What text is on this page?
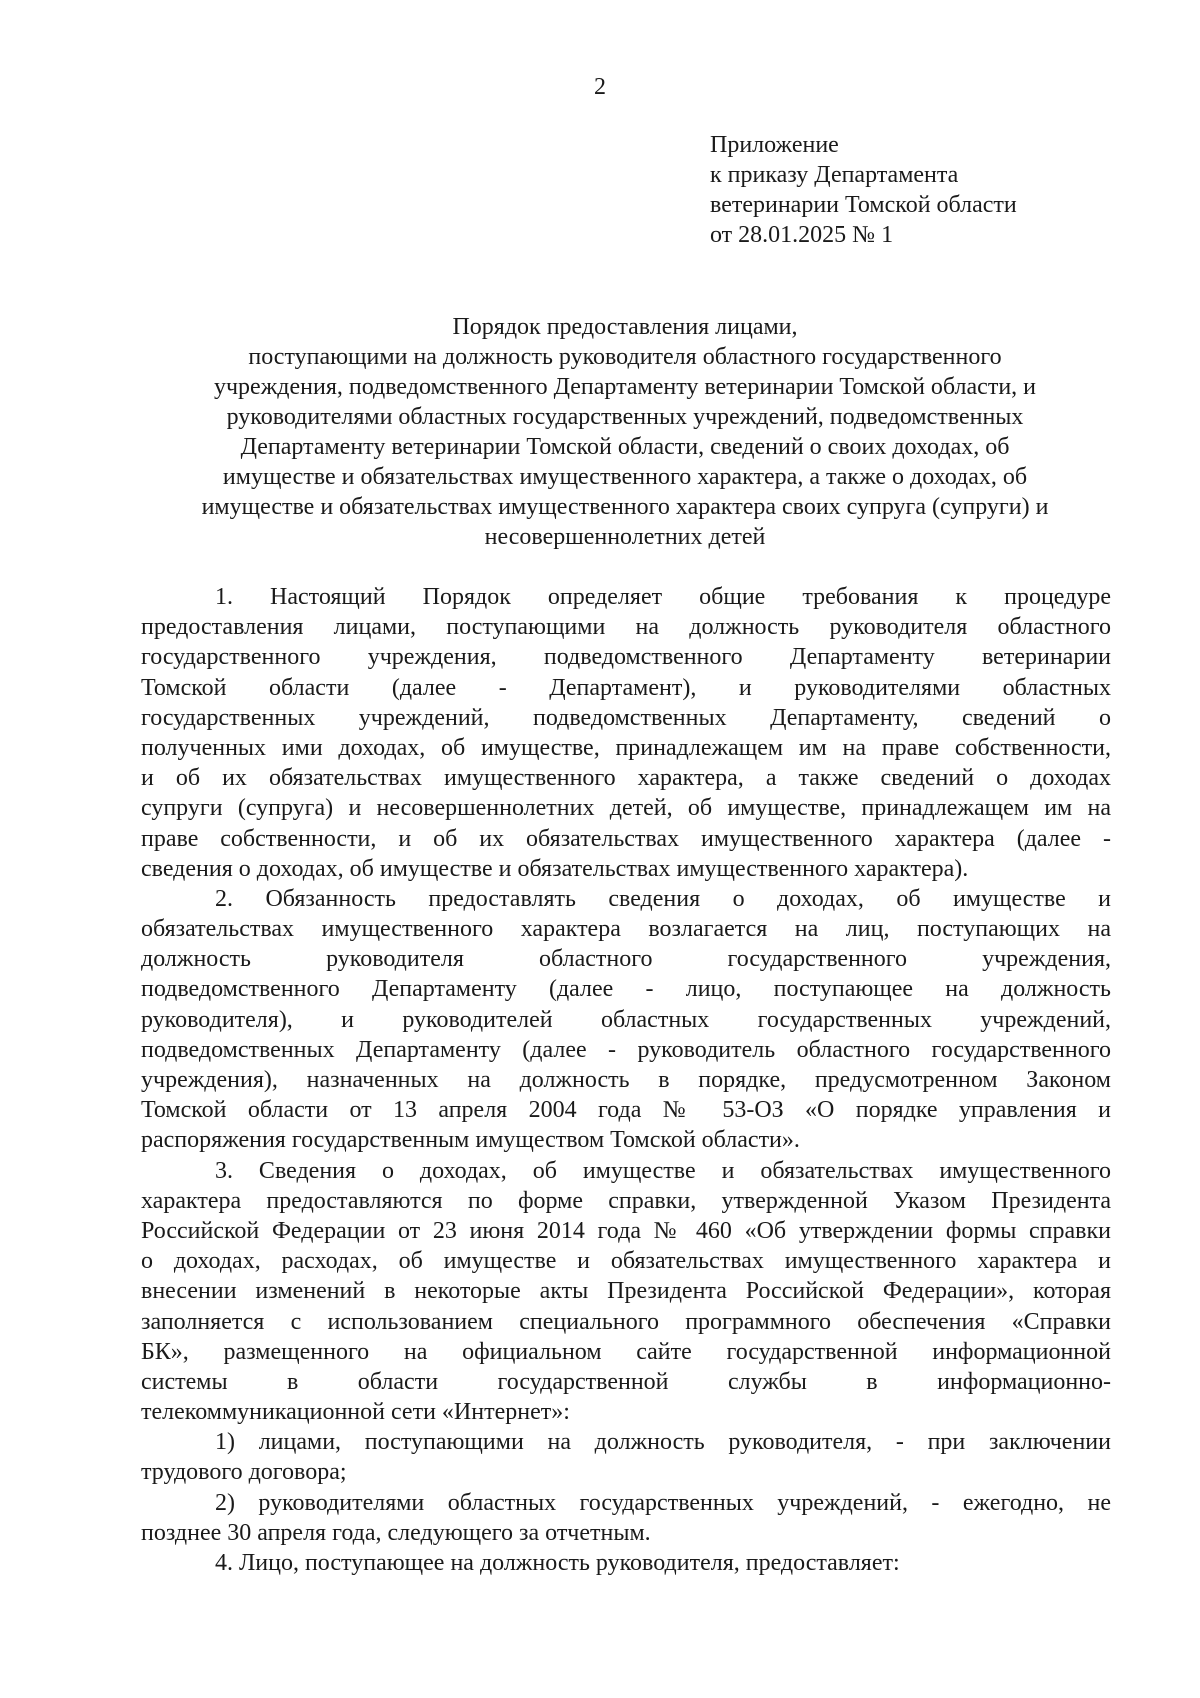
2
Приложение
к приказу Департамента
ветеринарии Томской области
от 28.01.2025 № 1
Порядок предоставления лицами,
поступающими на должность руководителя областного государственного
учреждения, подведомственного Департаменту ветеринарии Томской области, и
руководителями областных государственных учреждений, подведомственных
Департаменту ветеринарии Томской области, сведений о своих доходах, об
имуществе и обязательствах имущественного характера, а также о доходах, об
имуществе и обязательствах имущественного характера своих супруга (супруги) и
несовершеннолетних детей
1. Настоящий Порядок определяет общие требования к процедуре
предоставления лицами, поступающими на должность руководителя областного
государственного учреждения, подведомственного Департаменту ветеринарии
Томской области (далее - Департамент), и руководителями областных
государственных учреждений, подведомственных Департаменту, сведений о
полученных ими доходах, об имуществе, принадлежащем им на праве собственности,
и об их обязательствах имущественного характера, а также сведений о доходах
супруги (супруга) и несовершеннолетних детей, об имуществе, принадлежащем им на
праве собственности, и об их обязательствах имущественного характера (далее -
сведения о доходах, об имуществе и обязательствах имущественного характера).
2. Обязанность предоставлять сведения о доходах, об имуществе и
обязательствах имущественного характера возлагается на лиц, поступающих на
должность руководителя областного государственного учреждения,
подведомственного Департаменту (далее - лицо, поступающее на должность
руководителя), и руководителей областных государственных учреждений,
подведомственных Департаменту (далее - руководитель областного государственного
учреждения), назначенных на должность в порядке, предусмотренном Законом
Томской области от 13 апреля 2004 года № 53-ОЗ «О порядке управления и
распоряжения государственным имуществом Томской области».
3. Сведения о доходах, об имуществе и обязательствах имущественного
характера предоставляются по форме справки, утвержденной Указом Президента
Российской Федерации от 23 июня 2014 года № 460 «Об утверждении формы справки
о доходах, расходах, об имуществе и обязательствах имущественного характера и
внесении изменений в некоторые акты Президента Российской Федерации», которая
заполняется с использованием специального программного обеспечения «Справки
БК», размещенного на официальном сайте государственной информационной
системы в области государственной службы в информационно-
телекоммуникационной сети «Интернет»:
1) лицами, поступающими на должность руководителя, - при заключении
трудового договора;
2) руководителями областных государственных учреждений, - ежегодно, не
позднее 30 апреля года, следующего за отчетным.
4. Лицо, поступающее на должность руководителя, предоставляет:
